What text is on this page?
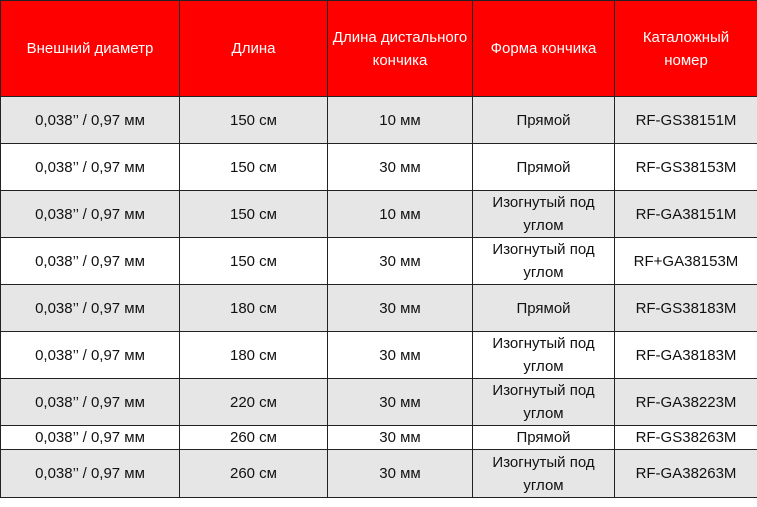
Внешний диаметр	Длина	Длина дистального кончика	Форма кончика	Каталожный номер
0,038’’ / 0,97 мм	150 см	10 мм	Прямой	RF-GS38151M
0,038’’ / 0,97 мм	150 см	30 мм	Прямой	RF-GS38153M
0,038’’ / 0,97 мм	150 см	10 мм	Изогнутый под углом	RF-GA38151M
0,038’’ / 0,97 мм	150 см	30 мм	Изогнутый под углом	RF+GA38153M
0,038’’ / 0,97 мм	180 см	30 мм	Прямой	RF-GS38183M
0,038’’ / 0,97 мм	180 см	30 мм	Изогнутый под углом	RF-GA38183M
0,038’’ / 0,97 мм	220 см	30 мм	Изогнутый под углом	RF-GA38223M
0,038’’ / 0,97 мм	260 см	30 мм	Прямой	RF-GS38263M
0,038’’ / 0,97 мм	260 см	30 мм	Изогнутый под углом	RF-GA38263M
